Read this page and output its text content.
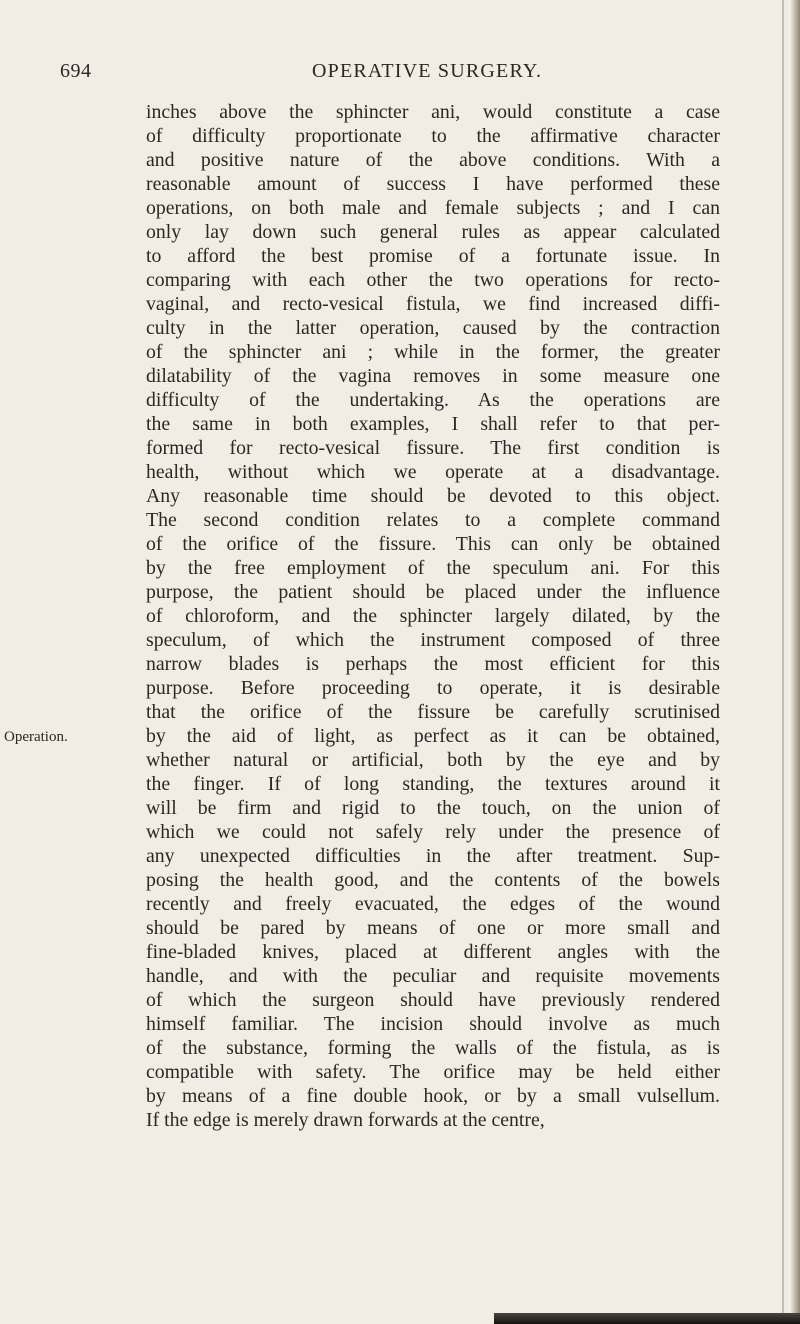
694	OPERATIVE SURGERY.
Operation.
inches above the sphincter ani, would constitute a case
of difficulty proportionate to the affirmative character
and positive nature of the above conditions. With a
reasonable amount of success I have performed these
operations, on both male and female subjects ; and I can
only lay down such general rules as appear calculated
to afford the best promise of a fortunate issue. In
comparing with each other the two operations for recto-
vaginal, and recto-vesical fistula, we find increased diffi-
culty in the latter operation, caused by the contraction
of the sphincter ani ; while in the former, the greater
dilatability of the vagina removes in some measure one
difficulty of the undertaking. As the operations are
the same in both examples, I shall refer to that per-
formed for recto-vesical fissure. The first condition is
health, without which we operate at a disadvantage.
Any reasonable time should be devoted to this object.
The second condition relates to a complete command
of the orifice of the fissure. This can only be obtained
by the free employment of the speculum ani. For this
purpose, the patient should be placed under the influence
of chloroform, and the sphincter largely dilated, by the
speculum, of which the instrument composed of three
narrow blades is perhaps the most efficient for this
purpose. Before proceeding to operate, it is desirable
that the orifice of the fissure be carefully scrutinised
by the aid of light, as perfect as it can be obtained,
whether natural or artificial, both by the eye and by
the finger. If of long standing, the textures around it
will be firm and rigid to the touch, on the union of
which we could not safely rely under the presence of
any unexpected difficulties in the after treatment. Sup-
posing the health good, and the contents of the bowels
recently and freely evacuated, the edges of the wound
should be pared by means of one or more small and
fine-bladed knives, placed at different angles with the
handle, and with the peculiar and requisite movements
of which the surgeon should have previously rendered
himself familiar. The incision should involve as much
of the substance, forming the walls of the fistula, as is
compatible with safety. The orifice may be held either
by means of a fine double hook, or by a small vulsellum.
If the edge is merely drawn forwards at the centre,
